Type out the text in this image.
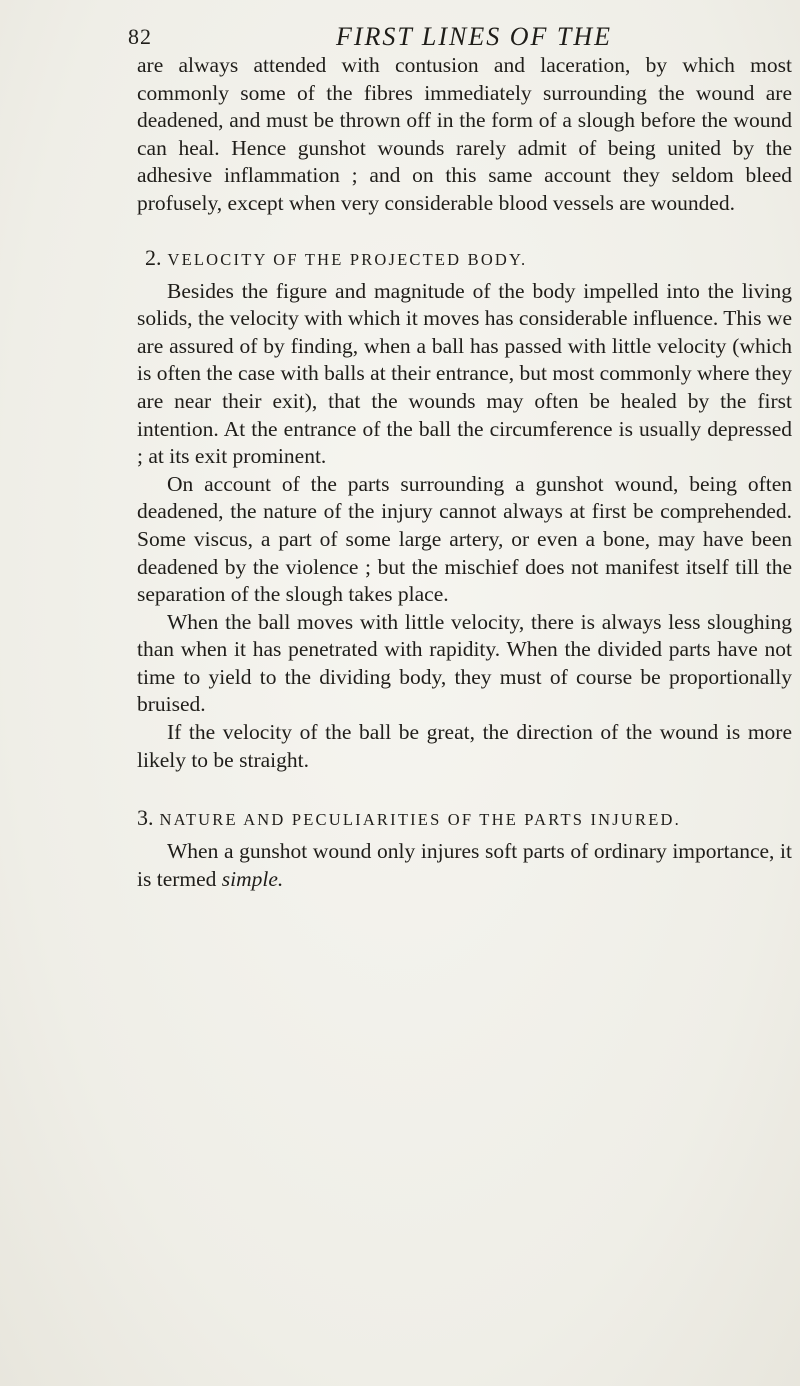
82	FIRST LINES OF THE

are always attended with contusion and laceration, by which most commonly some of the fibres immediately surrounding the wound are deadened, and must be thrown off in the form of a slough before the wound can heal. Hence gunshot wounds rarely admit of being united by the adhesive inflammation ; and on this same account they seldom bleed profusely, except when very considerable blood vessels are wounded.

2. VELOCITY OF THE PROJECTED BODY.

Besides the figure and magnitude of the body impelled into the living solids, the velocity with which it moves has considerable influence. This we are assured of by finding, when a ball has passed with little velocity (which is often the case with balls at their entrance, but most commonly where they are near their exit), that the wounds may often be healed by the first intention. At the entrance of the ball the circumference is usually depressed ; at its exit prominent.

On account of the parts surrounding a gunshot wound, being often deadened, the nature of the injury cannot always at first be comprehended. Some viscus, a part of some large artery, or even a bone, may have been deadened by the violence ; but the mischief does not manifest itself till the separation of the slough takes place.

When the ball moves with little velocity, there is always less sloughing than when it has penetrated with rapidity. When the divided parts have not time to yield to the dividing body, they must of course be proportionally bruised.

If the velocity of the ball be great, the direction of the wound is more likely to be straight.

3. NATURE AND PECULIARITIES OF THE PARTS INJURED.

When a gunshot wound only injures soft parts of ordinary importance, it is termed simple.
